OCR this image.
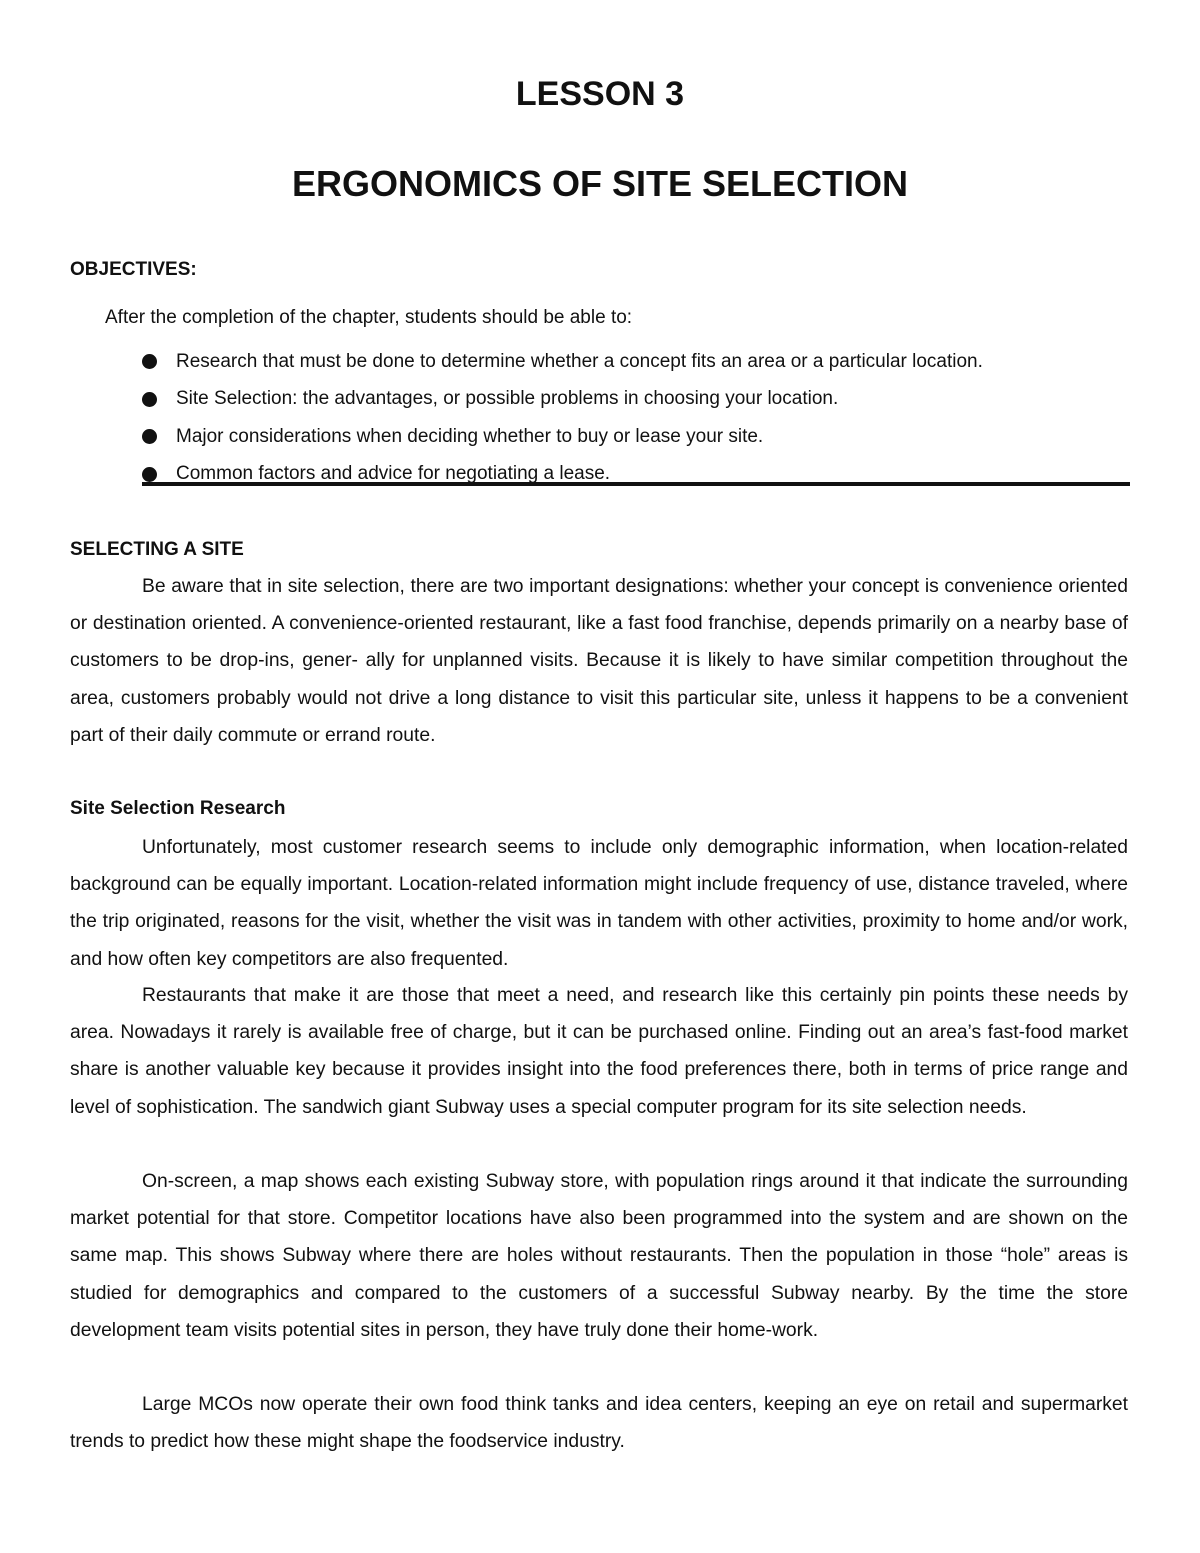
LESSON 3
ERGONOMICS OF SITE SELECTION
OBJECTIVES:
After the completion of the chapter, students should be able to:
Research that must be done to determine whether a concept fits an area or a particular location.
Site Selection: the advantages, or possible problems in choosing your location.
Major considerations when deciding whether to buy or lease your site.
Common factors and advice for negotiating a lease.
SELECTING A SITE

Be aware that in site selection, there are two important designations: whether your concept is convenience oriented or destination oriented. A convenience-oriented restaurant, like a fast food franchise, depends primarily on a nearby base of customers to be drop-ins, gener- ally for unplanned visits. Because it is likely to have similar competition throughout the area, customers probably would not drive a long distance to visit this particular site, unless it happens to be a convenient part of their daily commute or errand route.

Site Selection Research

Unfortunately, most customer research seems to include only demographic information, when location-related background can be equally important. Location-related information might include frequency of use, distance traveled, where the trip originated, reasons for the visit, whether the visit was in tandem with other activities, proximity to home and/or work, and how often key competitors are also frequented.

Restaurants that make it are those that meet a need, and research like this certainly pin points these needs by area. Nowadays it rarely is available free of charge, but it can be purchased online. Finding out an area’s fast-food market share is another valuable key because it provides insight into the food preferences there, both in terms of price range and level of sophistication. The sandwich giant Subway uses a special computer program for its site selection needs.

On-screen, a map shows each existing Subway store, with population rings around it that indicate the surrounding market potential for that store. Competitor locations have also been programmed into the system and are shown on the same map. This shows Subway where there are holes without restaurants. Then the population in those “hole” areas is studied for demographics and compared to the customers of a successful Subway nearby. By the time the store development team visits potential sites in person, they have truly done their home-work.

Large MCOs now operate their own food think tanks and idea centers, keeping an eye on retail and supermarket trends to predict how these might shape the foodservice industry.
